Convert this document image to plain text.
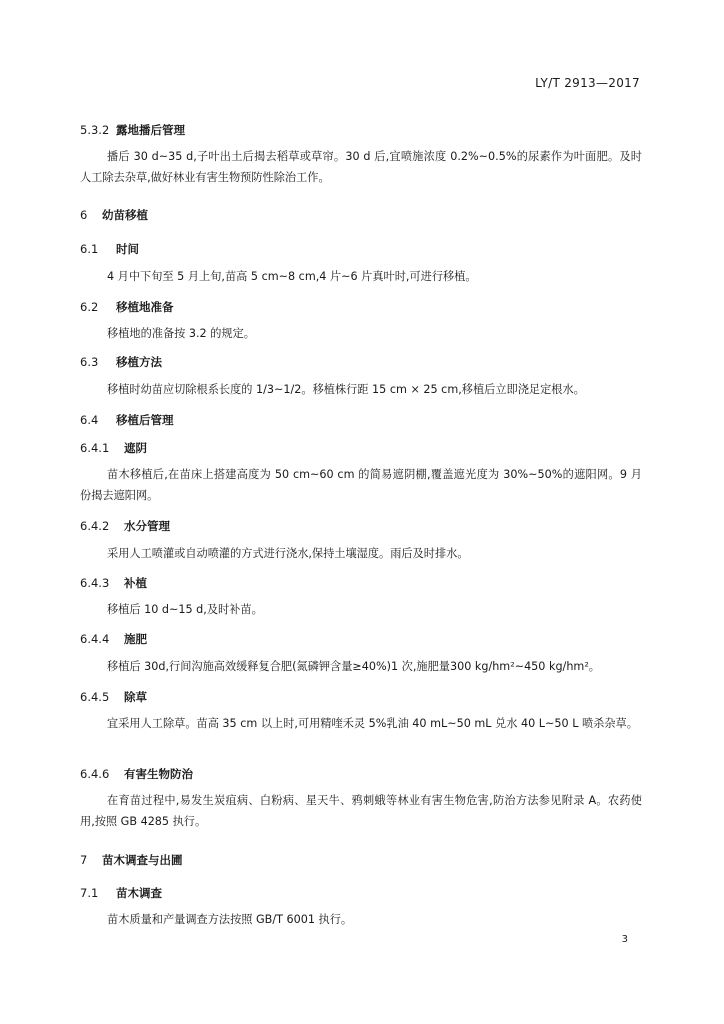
LY/T 2913—2017
5.3.2 露地播后管理
播后 30 d~35 d,子叶出土后揭去稻草或草帘。30 d 后,宜喷施浓度 0.2%~0.5%的尿素作为叶面肥。及时人工除去杂草,做好林业有害生物预防性除治工作。
6 幼苗移植
6.1 时间
4 月中下旬至 5 月上旬,苗高 5 cm~8 cm,4 片~6 片真叶时,可进行移植。
6.2 移植地准备
移植地的准备按 3.2 的规定。
6.3 移植方法
移植时幼苗应切除根系长度的 1/3~1/2。移植株行距 15 cm × 25 cm,移植后立即浇足定根水。
6.4 移植后管理
6.4.1 遮阴
苗木移植后,在苗床上搭建高度为 50 cm~60 cm 的简易遮阴棚,覆盖遮光度为 30%~50%的遮阳网。9 月份揭去遮阳网。
6.4.2 水分管理
采用人工喷灌或自动喷灌的方式进行浇水,保持土壤湿度。雨后及时排水。
6.4.3 补植
移植后 10 d~15 d,及时补苗。
6.4.4 施肥
移植后 30d,行间沟施高效缓释复合肥(氮磷钾含量≥40%)1 次,施肥量300 kg/hm²~450 kg/hm²。
6.4.5 除草
宜采用人工除草。苗高 35 cm 以上时,可用精喹禾灵 5%乳油 40 mL~50 mL 兑水 40 L~50 L 喷杀杂草。
6.4.6 有害生物防治
在育苗过程中,易发生炭疽病、白粉病、星天牛、鸦刺蛾等林业有害生物危害,防治方法参见附录 A。农药使用,按照 GB 4285 执行。
7 苗木调查与出圃
7.1 苗木调查
苗木质量和产量调查方法按照 GB/T 6001 执行。
3
